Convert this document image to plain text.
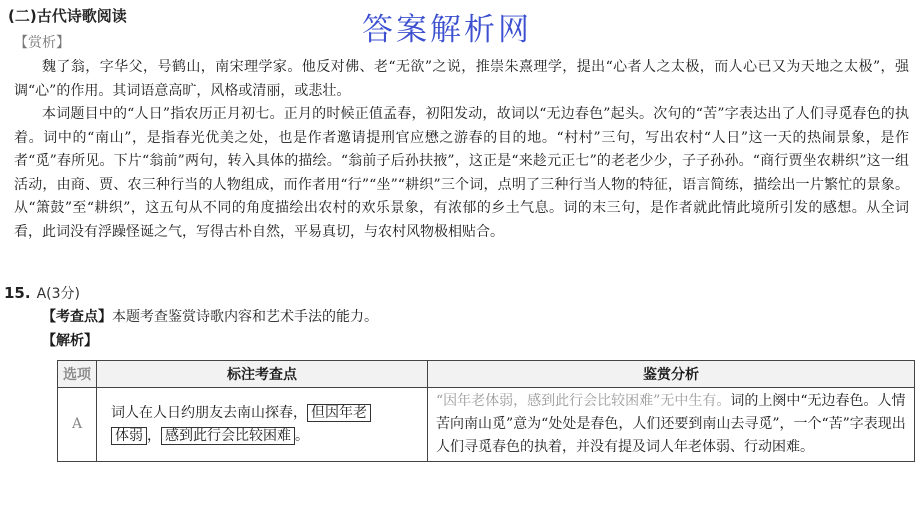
(二)古代诗歌阅读	答案解析网
【赏析】

魏了翁，字华父，号鹤山，南宋理学家。他反对佛、老“无欲”之说，推崇朱熹理学，提出“心者人之太极，而人心已又为天地之太极”，强调“心”的作用。其词语意高旷，风格或清丽，或悲壮。

本词题目中的“人日”指农历正月初七。正月的时候正值孟春，初阳发动，故词以“无边春色”起头。次句的“苦”字表达出了人们寻觅春色的执着。词中的“南山”，是指春光优美之处，也是作者邀请提刑官应懋之游春的目的地。“村村”三句，写出农村“人日”这一天的热闹景象，是作者“觅”春所见。下片“翁前”两句，转入具体的描绘。“翁前子后孙扶掖”，这正是“来趁元正七”的老老少少，子子孙孙。“商行贾坐农耕织”这一组活动，由商、贾、农三种行当的人物组成，而作者用“行”“坐”“耕织”三个词，点明了三种行当人物的特征，语言简练，描绘出一片繁忙的景象。从“箫鼓”至“耕织”，这五句从不同的角度描绘出农村的欢乐景象，有浓郁的乡土气息。词的末三句，是作者就此情此境所引发的感想。从全词看，此词没有浮躁怪诞之气，写得古朴自然，平易真切，与农村风物极相贴合。

15. A(3分)
【考查点】本题考查鉴赏诗歌内容和艺术手法的能力。
【解析】
选项	标注考查点	鉴赏分析
A	词人在人日约朋友去南山探春， 但因年老
体弱 ， 感到此行会比较困难 。	“因年老体弱，感到此行会比较困难”无中生有。词的上阕中“无边春色。人情苦向南山觅”意为“处处是春色，人们还要到南山去寻觅”，一个“苦”字表现出人们寻觅春色的执着，并没有提及词人年老体弱、行动困难。
